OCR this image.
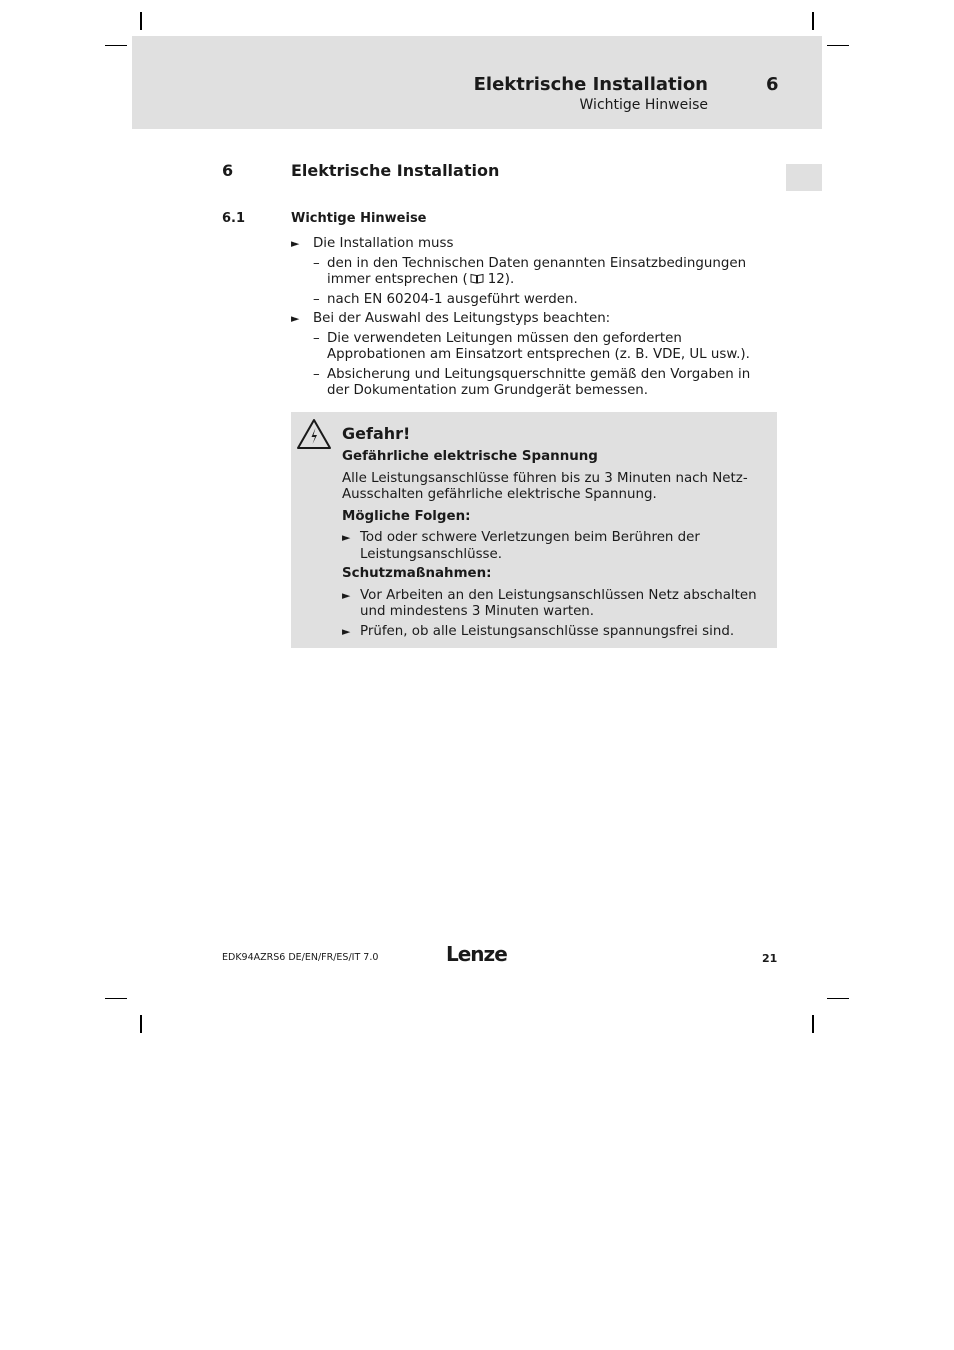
Elektrische Installation
Wichtige Hinweise
6
6	Elektrische Installation
6.1	Wichtige Hinweise
► Die Installation muss
– den in den Technischen Daten genannten Einsatzbedingungen immer entsprechen ( 12).
– nach EN 60204-1 ausgeführt werden.
► Bei der Auswahl des Leitungstyps beachten:
– Die verwendeten Leitungen müssen den geforderten Approbationen am Einsatzort entsprechen (z. B. VDE, UL usw.).
– Absicherung und Leitungsquerschnitte gemäß den Vorgaben in der Dokumentation zum Grundgerät bemessen.
Gefahr!
Gefährliche elektrische Spannung
Alle Leistungsanschlüsse führen bis zu 3 Minuten nach Netz-Ausschalten gefährliche elektrische Spannung.
Mögliche Folgen:
► Tod oder schwere Verletzungen beim Berühren der Leistungsanschlüsse.
Schutzmaßnahmen:
► Vor Arbeiten an den Leistungsanschlüssen Netz abschalten und mindestens 3 Minuten warten.
► Prüfen, ob alle Leistungsanschlüsse spannungsfrei sind.
EDK94AZRS6 DE/EN/FR/ES/IT 7.0	Lenze	21
